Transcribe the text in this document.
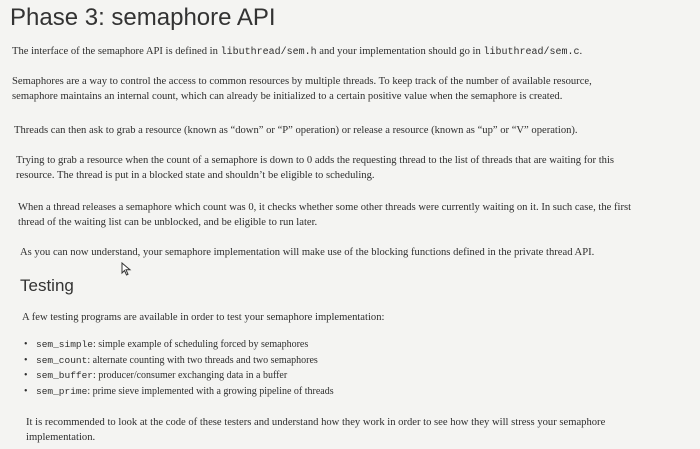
Phase 3: semaphore API

The interface of the semaphore API is defined in libuthread/sem.h and your implementation should go in libuthread/sem.c.

Semaphores are a way to control the access to common resources by multiple threads. To keep track of the number of available resource,
semaphore maintains an internal count, which can already be initialized to a certain positive value when the semaphore is created.

Threads can then ask to grab a resource (known as “down” or “P” operation) or release a resource (known as “up” or “V” operation).

Trying to grab a resource when the count of a semaphore is down to 0 adds the requesting thread to the list of threads that are waiting for this
resource. The thread is put in a blocked state and shouldn’t be eligible to scheduling.

When a thread releases a semaphore which count was 0, it checks whether some other threads were currently waiting on it. In such case, the first
thread of the waiting list can be unblocked, and be eligible to run later.

As you can now understand, your semaphore implementation will make use of the blocking functions defined in the private thread API.

Testing

A few testing programs are available in order to test your semaphore implementation:

• sem_simple: simple example of scheduling forced by semaphores
• sem_count: alternate counting with two threads and two semaphores
• sem_buffer: producer/consumer exchanging data in a buffer
• sem_prime: prime sieve implemented with a growing pipeline of threads

It is recommended to look at the code of these testers and understand how they work in order to see how they will stress your semaphore
implementation.
